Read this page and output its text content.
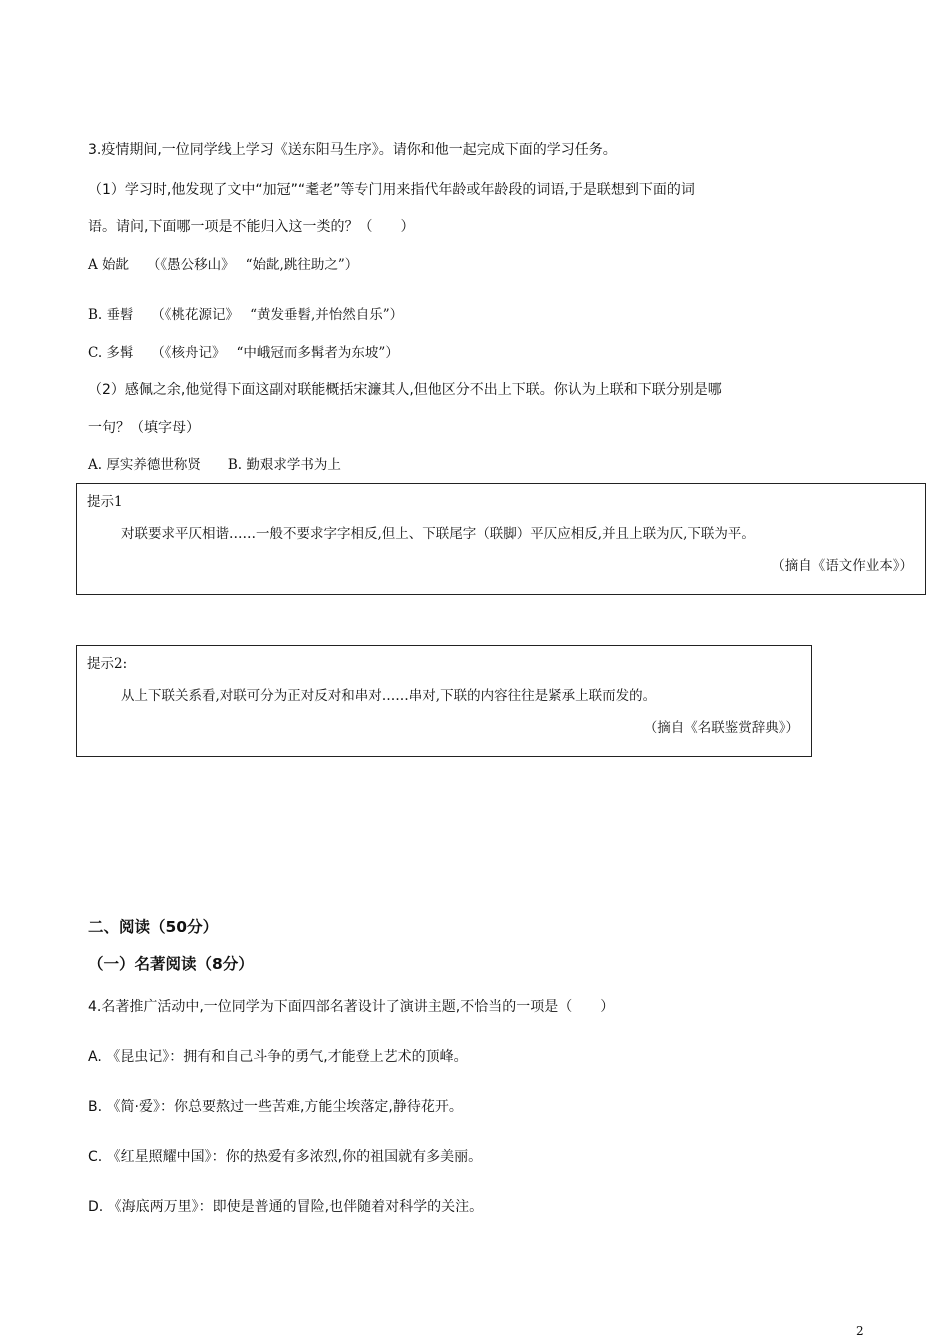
3.疫情期间,一位同学线上学习《送东阳马生序》。请你和他一起完成下面的学习任务。
（1）学习时,他发现了文中“加冠”“耄老”等专门用来指代年龄或年龄段的词语,于是联想到下面的词
语。请问,下面哪一项是不能归入这一类的？（　　）
A 始龀　 （《愚公移山》　 “始龀,跳往助之”）
B. 垂髫　 （《桃花源记》　 “黄发垂髫,并怡然自乐”）
C. 多髯　 （《核舟记》　 “中峨冠而多髯者为东坡”）
（2）感佩之余,他觉得下面这副对联能概括宋濂其人,但他区分不出上下联。你认为上联和下联分别是哪
一句？（填字母）
A. 厚实养德世称贤　　B. 勤艰求学书为上
提示1
对联要求平仄相谐……一般不要求字字相反,但上、下联尾字（联脚）平仄应相反,并且上联为仄,下联为平。
（摘自《语文作业本》）
提示2:
从上下联关系看,对联可分为正对反对和串对……串对,下联的内容往往是紧承上联而发的。
（摘自《名联鉴赏辞典》）
二、阅读（50分）
（一）名著阅读（8分）
4.名著推广活动中,一位同学为下面四部名著设计了演讲主题,不恰当的一项是（　　）
A. 《昆虫记》：拥有和自己斗争的勇气,才能登上艺术的顶峰。
B. 《简·爱》：你总要熬过一些苦难,方能尘埃落定,静待花开。
C. 《红星照耀中国》：你的热爱有多浓烈,你的祖国就有多美丽。
D. 《海底两万里》：即使是普通的冒险,也伴随着对科学的关注。
2
